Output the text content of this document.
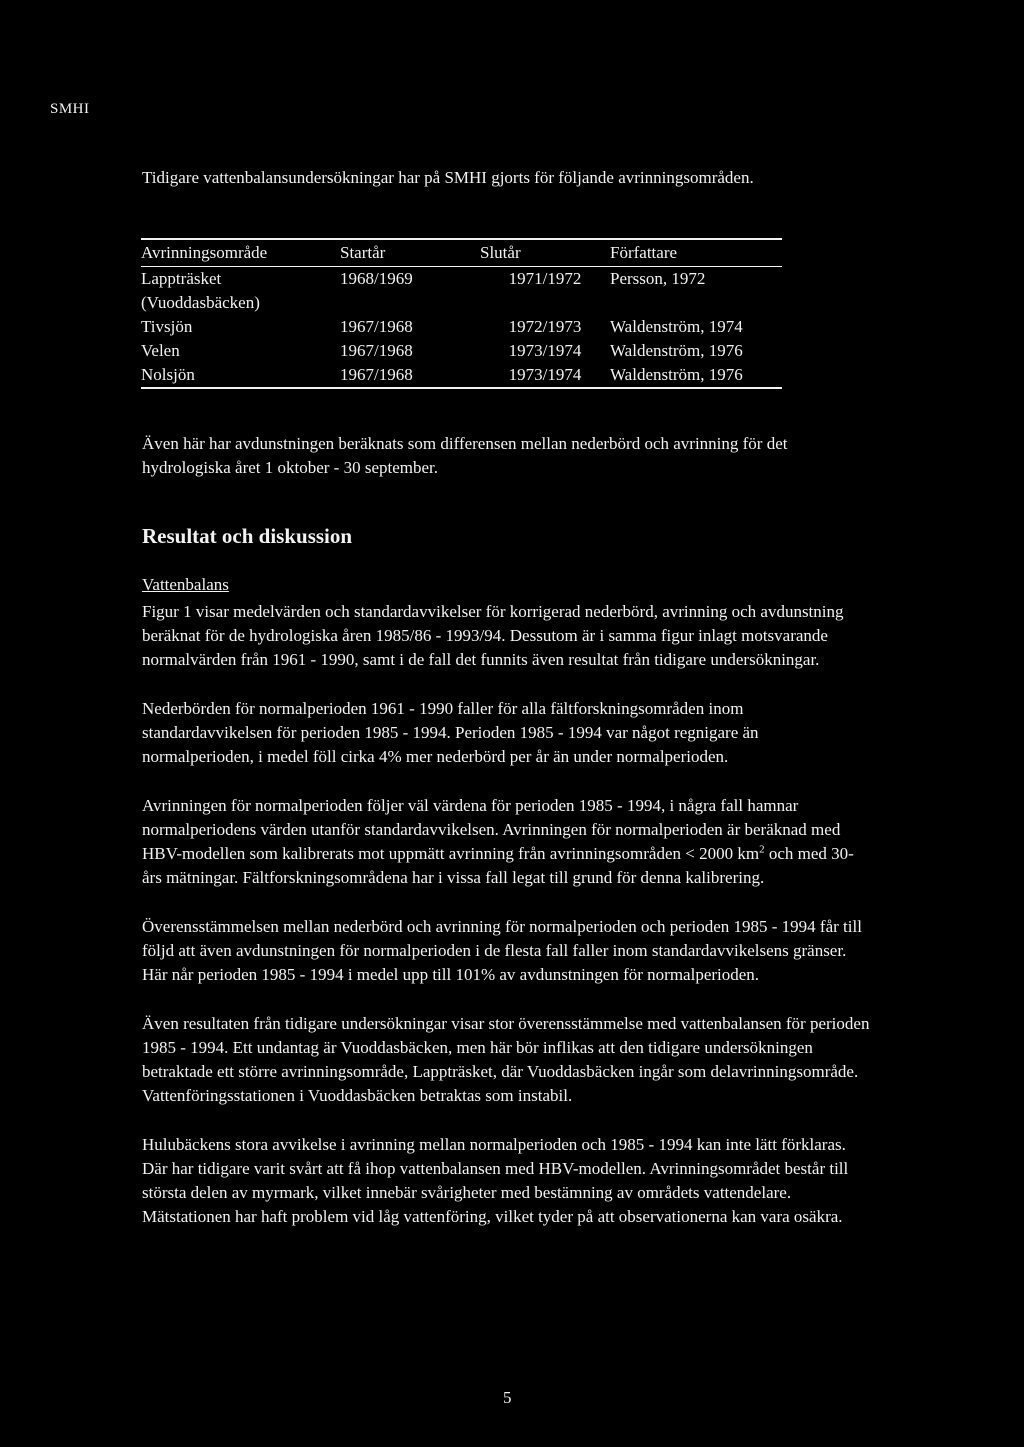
SMHI
Tidigare vattenbalansundersökningar har på SMHI gjorts för följande avrinningsområden.
Avrinningsområde	Startår	Slutår	Författare
Lappträsket (Vuoddasbäcken)	1968/1969	1971/1972	Persson, 1972
Tivsjön	1967/1968	1972/1973	Waldenström, 1974
Velen	1967/1968	1973/1974	Waldenström, 1976
Nolsjön	1967/1968	1973/1974	Waldenström, 1976
Även här har avdunstningen beräknats som differensen mellan nederbörd och avrinning för det hydrologiska året 1 oktober - 30 september.
Resultat och diskussion
Vattenbalans

Figur 1 visar medelvärden och standardavvikelser för korrigerad nederbörd, avrinning och avdunstning beräknat för de hydrologiska åren 1985/86 - 1993/94. Dessutom är i samma figur inlagt motsvarande normalvärden från 1961 - 1990, samt i de fall det funnits även resultat från tidigare undersökningar.

Nederbörden för normalperioden 1961 - 1990 faller för alla fältforskningsområden inom standardavvikelsen för perioden 1985 - 1994. Perioden 1985 - 1994 var något regnigare än normalperioden, i medel föll cirka 4% mer nederbörd per år än under normalperioden.

Avrinningen för normalperioden följer väl värdena för perioden 1985 - 1994, i några fall hamnar normalperiodens värden utanför standardavvikelsen. Avrinningen för normalperioden är beräknad med HBV-modellen som kalibrerats mot uppmätt avrinning från avrinningsområden < 2000 $km^2$ och med 30-års mätningar. Fältforskningsområdena har i vissa fall legat till grund för denna kalibrering.

Överensstämmelsen mellan nederbörd och avrinning för normalperioden och perioden 1985 - 1994 får till följd att även avdunstningen för normalperioden i de flesta fall faller inom standardavvikelsens gränser. Här når perioden 1985 - 1994 i medel upp till 101% av avdunstningen för normalperioden.

Även resultaten från tidigare undersökningar visar stor överensstämmelse med vattenbalansen för perioden 1985 - 1994. Ett undantag är Vuoddasbäcken, men här bör inflikas att den tidigare undersökningen betraktade ett större avrinningsområde, Lappträsket, där Vuoddasbäcken ingår som delavrinningsområde. Vattenföringsstationen i Vuoddasbäcken betraktas som instabil.

Hulubäckens stora avvikelse i avrinning mellan normalperioden och 1985 - 1994 kan inte lätt förklaras. Där har tidigare varit svårt att få ihop vattenbalansen med HBV-modellen. Avrinningsområdet består till största delen av myrmark, vilket innebär svårigheter med bestämning av områdets vattendelare. Mätstationen har haft problem vid låg vattenföring, vilket tyder på att observationerna kan vara osäkra.

5
